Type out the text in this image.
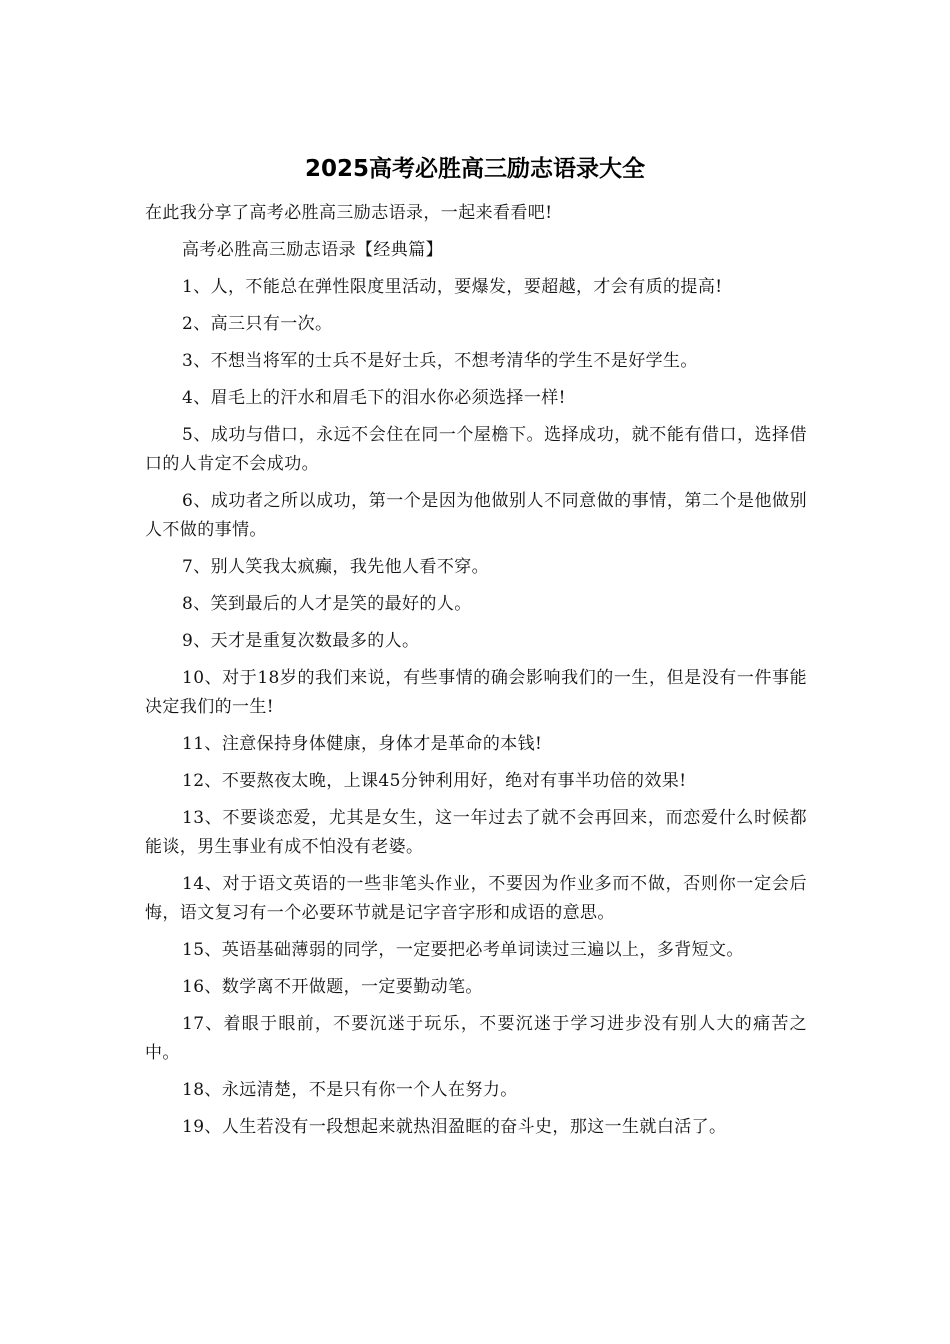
2025高考必胜高三励志语录大全

在此我分享了高考必胜高三励志语录，一起来看看吧!

高考必胜高三励志语录【经典篇】

1、人，不能总在弹性限度里活动，要爆发，要超越，才会有质的提高!

2、高三只有一次。

3、不想当将军的士兵不是好士兵，不想考清华的学生不是好学生。

4、眉毛上的汗水和眉毛下的泪水你必须选择一样!

5、成功与借口，永远不会住在同一个屋檐下。选择成功，就不能有借口，选择借口的人肯定不会成功。

6、成功者之所以成功，第一个是因为他做别人不同意做的事情，第二个是他做别人不做的事情。

7、别人笑我太疯癫，我先他人看不穿。

8、笑到最后的人才是笑的最好的人。

9、天才是重复次数最多的人。

10、对于18岁的我们来说，有些事情的确会影响我们的一生，但是没有一件事能决定我们的一生!

11、注意保持身体健康，身体才是革命的本钱!

12、不要熬夜太晚，上课45分钟利用好，绝对有事半功倍的效果!

13、不要谈恋爱，尤其是女生，这一年过去了就不会再回来，而恋爱什么时候都能谈，男生事业有成不怕没有老婆。

14、对于语文英语的一些非笔头作业，不要因为作业多而不做，否则你一定会后悔，语文复习有一个必要环节就是记字音字形和成语的意思。

15、英语基础薄弱的同学，一定要把必考单词读过三遍以上，多背短文。

16、数学离不开做题，一定要勤动笔。

17、着眼于眼前，不要沉迷于玩乐，不要沉迷于学习进步没有别人大的痛苦之中。

18、永远清楚，不是只有你一个人在努力。

19、人生若没有一段想起来就热泪盈眶的奋斗史，那这一生就白活了。
